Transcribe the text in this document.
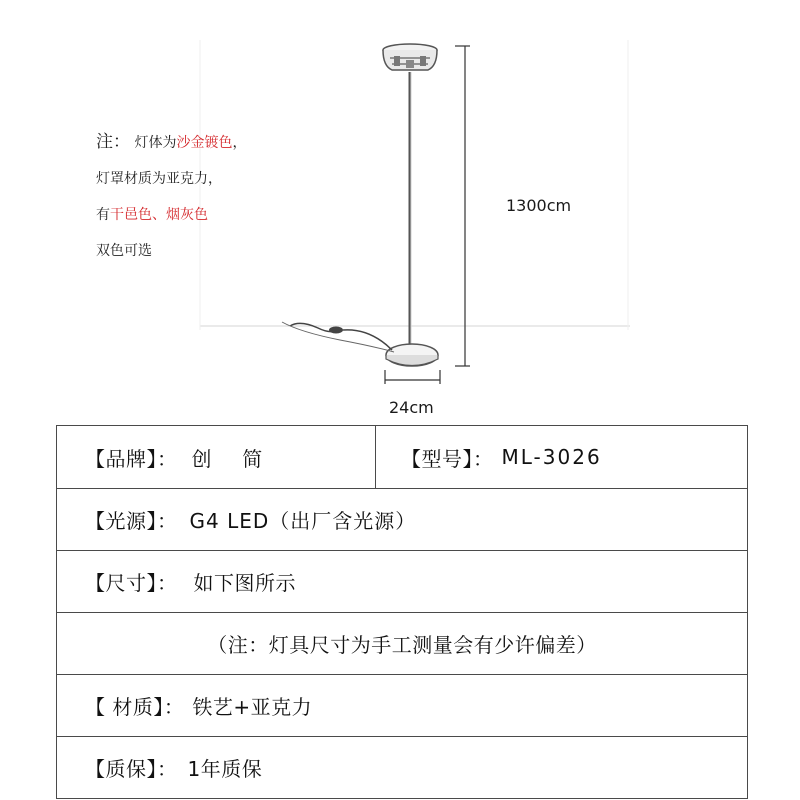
注： 灯体为沙金镀色，
灯罩材质为亚克力，
有干邑色、烟灰色
双色可选
1300cm
24cm
【品牌】： 创  简	【型号】： ML-3026
【光源】： G4 LED（出厂含光源）
【尺寸】： 如下图所示
（注：灯具尺寸为手工测量会有少许偏差）
【 材质】： 铁艺+亚克力
【质保】： 1年质保
